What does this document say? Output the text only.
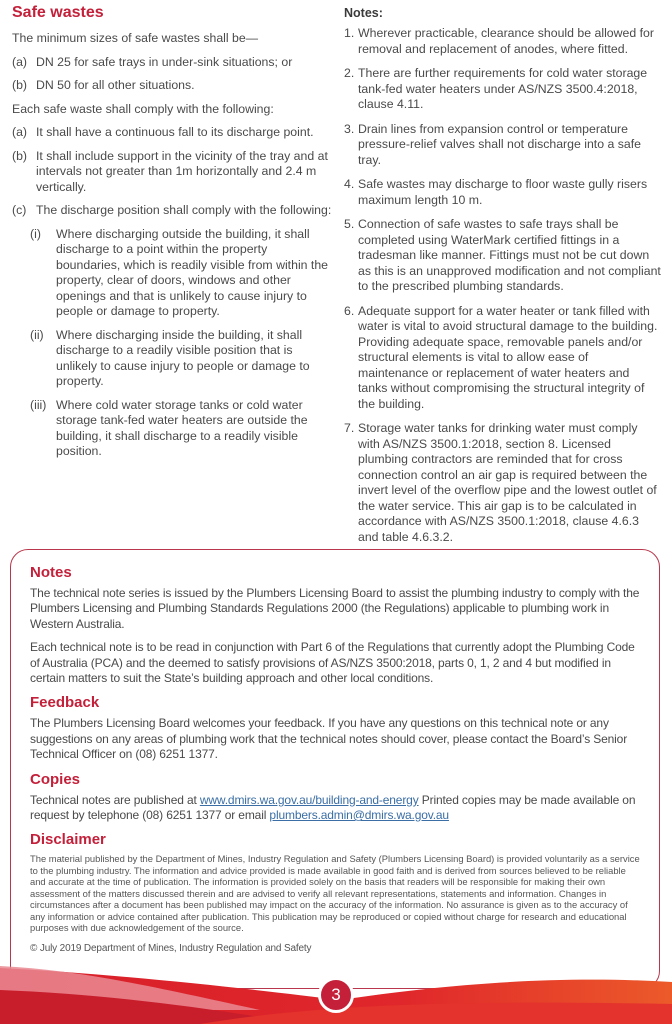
Safe wastes

The minimum sizes of safe wastes shall be—

(a) DN 25 for safe trays in under-sink situations; or
(b) DN 50 for all other situations.

Each safe waste shall comply with the following:

(a) It shall have a continuous fall to its discharge point.
(b) It shall include support in the vicinity of the tray and at intervals not greater than 1m horizontally and 2.4 m vertically.
(c) The discharge position shall comply with the following:
(i)	Where discharging outside the building, it shall discharge to a point within the property boundaries, which is readily visible from within the property, clear of doors, windows and other openings and that is unlikely to cause injury to people or damage to property.
(ii)	Where discharging inside the building, it shall discharge to a readily visible position that is unlikely to cause injury to people or damage to property.
(iii) Where cold water storage tanks or cold water storage tank-fed water heaters are outside the building, it shall discharge to a readily visible position.
Notes:
1. Wherever practicable, clearance should be allowed for removal and replacement of anodes, where fitted.
2. There are further requirements for cold water storage tank-fed water heaters under AS/NZS 3500.4:2018, clause 4.11.
3. Drain lines from expansion control or temperature pressure-relief valves shall not discharge into a safe tray.
4. Safe wastes may discharge to floor waste gully risers maximum length 10 m.
5. Connection of safe wastes to safe trays shall be completed using WaterMark certified fittings in a tradesman like manner. Fittings must not be cut down as this is an unapproved modification and not compliant to the prescribed plumbing standards.
6. Adequate support for a water heater or tank filled with water is vital to avoid structural damage to the building. Providing adequate space, removable panels and/or structural elements is vital to allow ease of maintenance or replacement of water heaters and tanks without compromising the structural integrity of the building.
7. Storage water tanks for drinking water must comply with AS/NZS 3500.1:2018, section 8. Licensed plumbing contractors are reminded that for cross connection control an air gap is required between the invert level of the overflow pipe and the lowest outlet of the water service. This air gap is to be calculated in accordance with AS/NZS 3500.1:2018, clause 4.6.3 and table 4.6.3.2.
Notes

The technical note series is issued by the Plumbers Licensing Board to assist the plumbing industry to comply with the Plumbers Licensing and Plumbing Standards Regulations 2000 (the Regulations) applicable to plumbing work in Western Australia.

Each technical note is to be read in conjunction with Part 6 of the Regulations that currently adopt the Plumbing Code of Australia (PCA) and the deemed to satisfy provisions of AS/NZS 3500:2018, parts 0, 1, 2 and 4 but modified in certain matters to suit the State’s building approach and other local conditions.

Feedback

The Plumbers Licensing Board welcomes your feedback. If you have any questions on this technical note or any suggestions on any areas of plumbing work that the technical notes should cover, please contact the Board’s Senior Technical Officer on (08) 6251 1377.

Copies

Technical notes are published at www.dmirs.wa.gov.au/building-and-energy Printed copies may be made available on request by telephone (08) 6251 1377 or email plumbers.admin@dmirs.wa.gov.au

Disclaimer

The material published by the Department of Mines, Industry Regulation and Safety (Plumbers Licensing Board) is provided voluntarily as a service to the plumbing industry. The information and advice provided is made available in good faith and is derived from sources believed to be reliable and accurate at the time of publication. The information is provided solely on the basis that readers will be responsible for making their own assessment of the matters discussed therein and are advised to verify all relevant representations, statements and information. Changes in circumstances after a document has been published may impact on the accuracy of the information. No assurance is given as to the accuracy of any information or advice contained after publication. This publication may be reproduced or copied without charge for research and educational purposes with due acknowledgement of the source.

© July 2019 Department of Mines, Industry Regulation and Safety

3
